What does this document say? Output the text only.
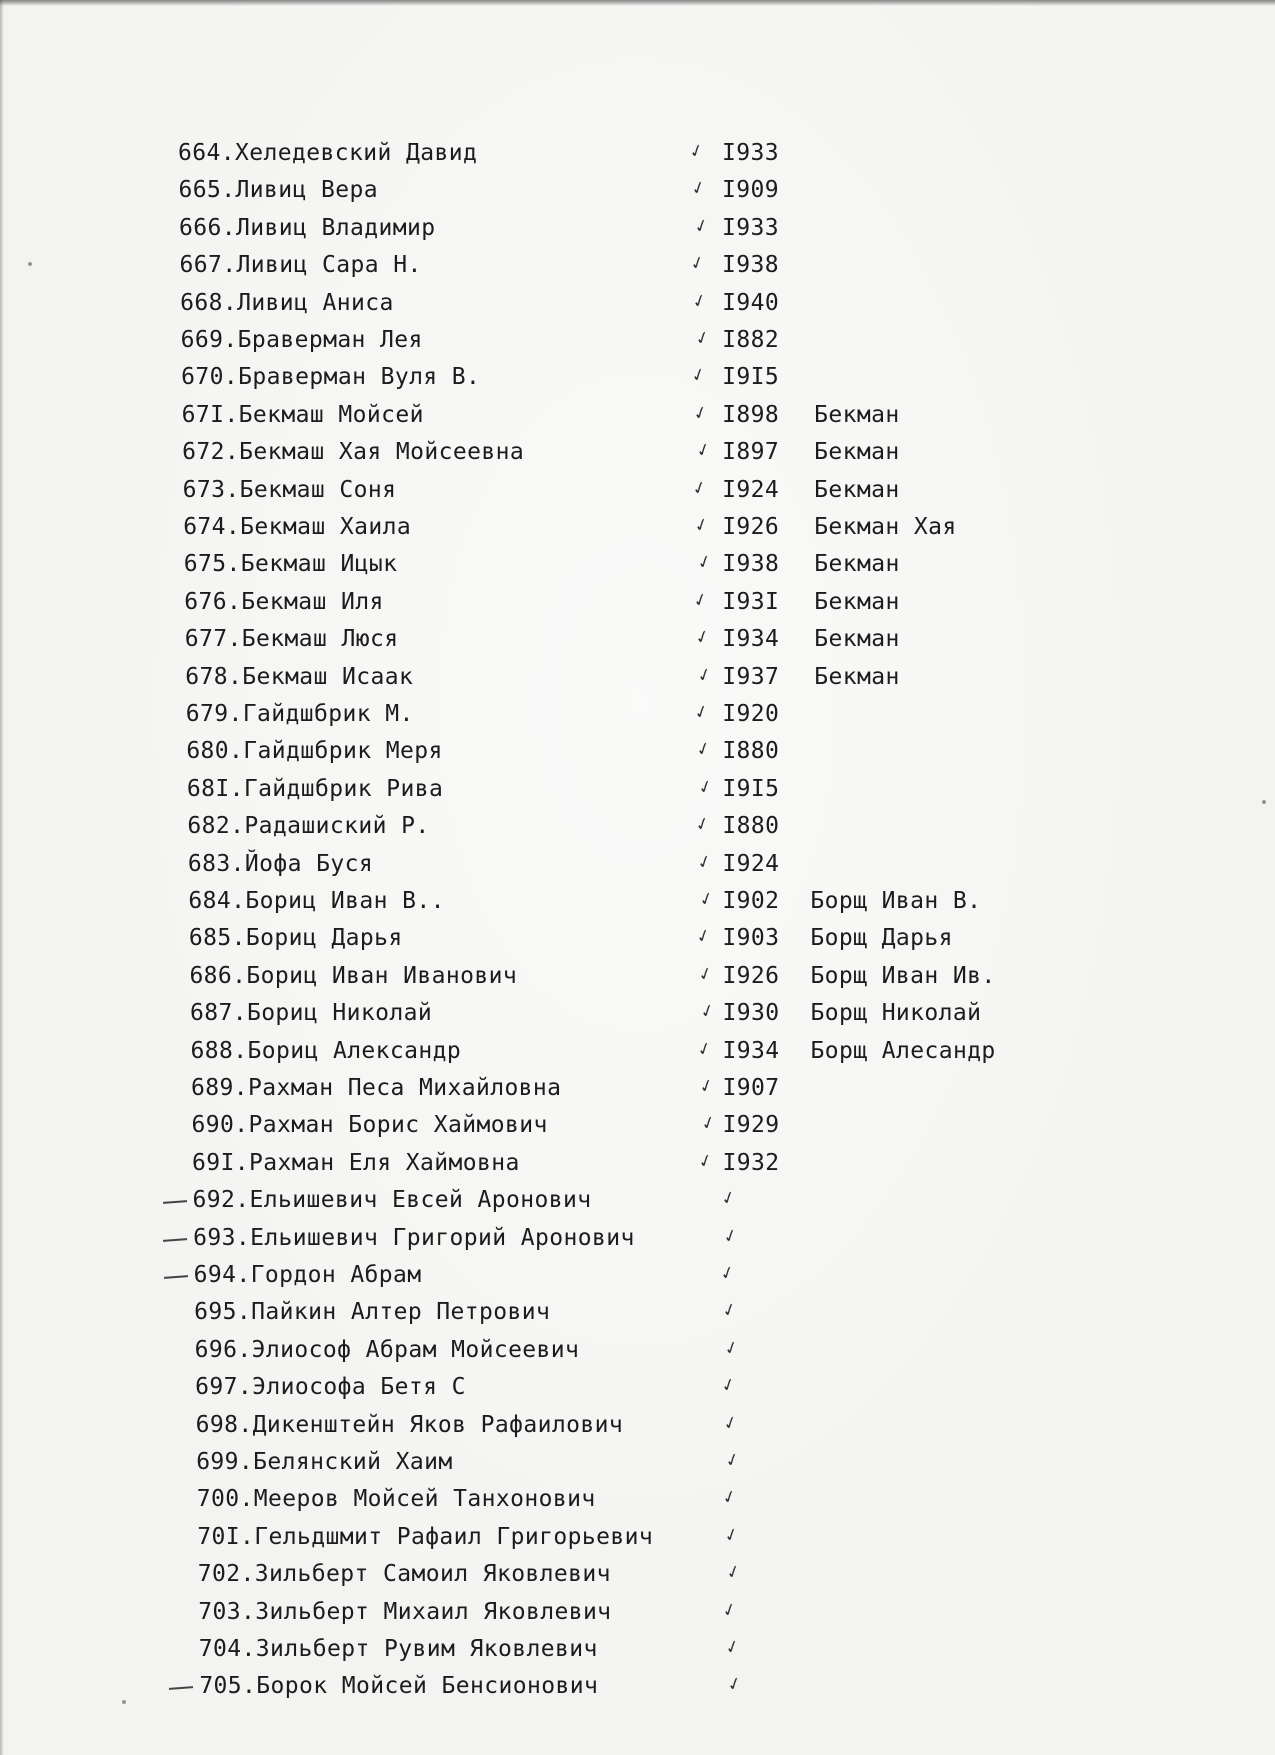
664.Хеледевский Давид	✓ I933
665.Ливиц Вера	✓ I909
666.Ливиц Владимир	✓ I933
667.Ливиц Сара Н.	✓ I938
668.Ливиц Аниса	✓ I940
669.Браверман Лея	✓ I882
670.Браверман Вуля В.	✓ I9I5
67I.Бекмаш Мойсей	✓ I898 Бекман
672.Бекмаш Хая Мойсеевна	✓ I897 Бекман
673.Бекмаш Соня	✓ I924 Бекман
674.Бекмаш Хаила	✓ I926 Бекман Хая
675.Бекмаш Ицык	✓ I938 Бекман
676.Бекмаш Иля	✓ I93I Бекман
677.Бекмаш Люся	✓ I934 Бекман
678.Бекмаш Исаак	✓ I937 Бекман
679.Гайдшбрик М.	✓ I920
680.Гайдшбрик Меря	✓ I880
68I.Гайдшбрик Рива	✓ I9I5
682.Радашиский Р.	✓ I880
683.Йофа Буся	✓ I924
684.Бориц Иван В..	✓ I902 Борщ Иван В.
685.Бориц Дарья	✓ I903 Борщ Дарья
686.Бориц Иван Иванович	✓ I926 Борщ Иван Ив.
687.Бориц Николай	✓ I930 Борщ Николай
688.Бориц Александр	✓ I934 Борщ Алесандр
689.Рахман Песа Михайловна	✓ I907
690.Рахман Борис Хаймович	✓ I929
69I.Рахман Еля Хаймовна	✓ I932
692.Ельишевич Евсей Аронович	✓
693.Ельишевич Григорий Аронович	✓
694.Гордон Абрам	✓
695.Пайкин Алтер Петрович	✓
696.Элиософ Абрам Мойсеевич	✓
697.Элиософа Бетя С	✓
698.Дикенштейн Яков Рафаилович	✓
699.Белянский Хаим	✓
700.Мееров Мойсей Танхонович	✓
70I.Гельдшмит Рафаил Григорьевич	✓
702.Зильберт Самоил Яковлевич	✓
703.Зильберт Михаил Яковлевич	✓
704.Зильберт Рувим Яковлевич	✓
705.Борок Мойсей Бенсионович	✓
